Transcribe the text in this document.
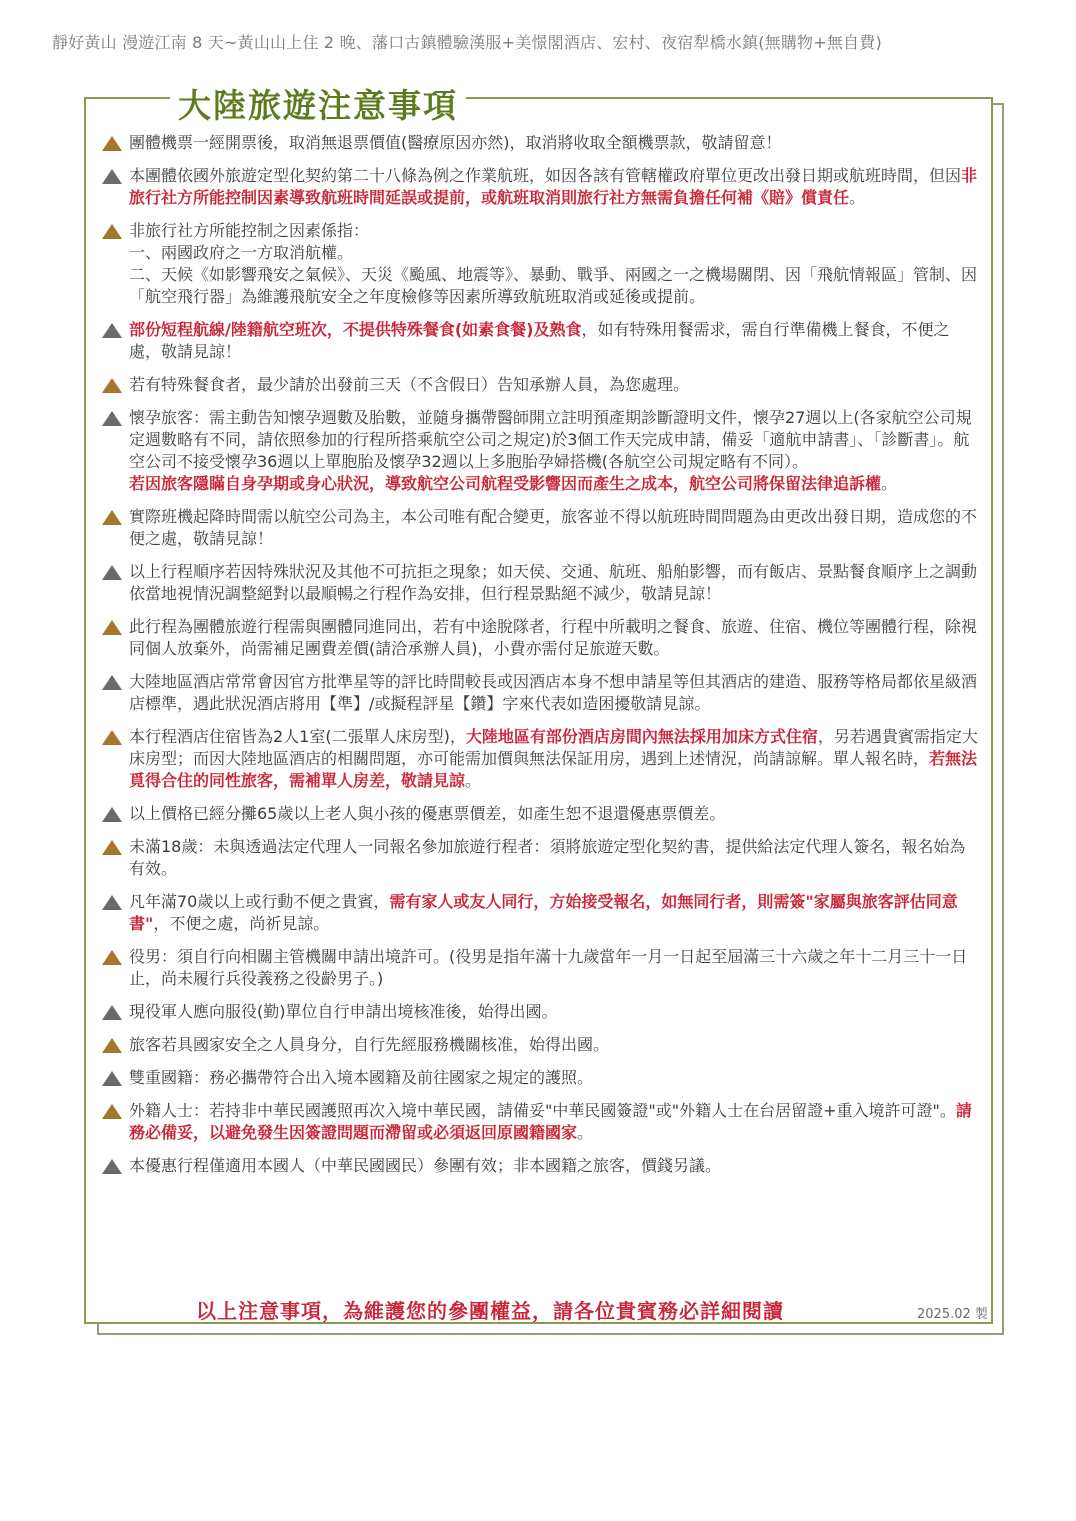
靜好黃山 漫遊江南 8 天~黃山山上住 2 晚、藩口古鎮體驗漢服+美憬閣酒店、宏村、夜宿犁橋水鎮(無購物+無自費)
大陸旅遊注意事項
團體機票一經開票後，取消無退票價值(醫療原因亦然)，取消將收取全額機票款，敬請留意！
本團體依國外旅遊定型化契約第二十八條為例之作業航班，如因各該有管轄權政府單位更改出發日期或航班時間，但因非旅行社方所能控制因素導致航班時間延誤或提前，或航班取消則旅行社方無需負擔任何補《賠》償責任。
非旅行社方所能控制之因素係指：
一、兩國政府之一方取消航權。
二、天候《如影響飛安之氣候》、天災《颱風、地震等》、暴動、戰爭、兩國之一之機場關閉、因「飛航情報區」管制、因「航空飛行器」為維護飛航安全之年度檢修等因素所導致航班取消或延後或提前。
部份短程航線/陸籍航空班次，不提供特殊餐食(如素食餐)及熟食，如有特殊用餐需求，需自行準備機上餐食，不便之處，敬請見諒！
若有特殊餐食者，最少請於出發前三天（不含假日）告知承辦人員，為您處理。
懷孕旅客：需主動告知懷孕週數及胎數，並隨身攜帶醫師開立註明預產期診斷證明文件，懷孕27週以上(各家航空公司規定週數略有不同，請依照參加的行程所搭乘航空公司之規定)於3個工作天完成申請，備妥「適航申請書」、「診斷書」。航空公司不接受懷孕36週以上單胞胎及懷孕32週以上多胞胎孕婦搭機(各航空公司規定略有不同）。
若因旅客隱瞞自身孕期或身心狀況，導致航空公司航程受影響因而產生之成本，航空公司將保留法律追訴權。
實際班機起降時間需以航空公司為主，本公司唯有配合變更，旅客並不得以航班時間問題為由更改出發日期，造成您的不便之處，敬請見諒！
以上行程順序若因特殊狀況及其他不可抗拒之現象；如天侯、交通、航班、船舶影響，而有飯店、景點餐食順序上之調動依當地視情況調整絕對以最順暢之行程作為安排，但行程景點絕不減少，敬請見諒！
此行程為團體旅遊行程需與團體同進同出，若有中途脫隊者，行程中所載明之餐食、旅遊、住宿、機位等團體行程，除視同個人放棄外，尚需補足團費差價(請洽承辦人員)，小費亦需付足旅遊天數。
大陸地區酒店常常會因官方批準星等的評比時間較長或因酒店本身不想申請星等但其酒店的建造、服務等格局都依星級酒店標準，遇此狀況酒店將用【準】/或擬程評星【鑽】字來代表如造困擾敬請見諒。
本行程酒店住宿皆為2人1室(二張單人床房型)，大陸地區有部份酒店房間內無法採用加床方式住宿，另若遇貴賓需指定大床房型；而因大陸地區酒店的相關問題，亦可能需加價與無法保証用房，遇到上述情況，尚請諒解。單人報名時，若無法覓得合住的同性旅客，需補單人房差，敬請見諒。
以上價格已經分攤65歲以上老人與小孩的優惠票價差，如產生恕不退還優惠票價差。
未滿18歲：未與透過法定代理人一同報名參加旅遊行程者：須將旅遊定型化契約書，提供給法定代理人簽名，報名始為有效。
凡年滿70歲以上或行動不便之貴賓，需有家人或友人同行，方始接受報名，如無同行者，則需簽"家屬與旅客評估同意書"，不便之處，尚祈見諒。
役男：須自行向相關主管機關申請出境許可。(役男是指年滿十九歲當年一月一日起至屆滿三十六歲之年十二月三十一日止，尚未履行兵役義務之役齡男子。)
現役軍人應向服役(勤)單位自行申請出境核准後，始得出國。
旅客若具國家安全之人員身分，自行先經服務機關核准，始得出國。
雙重國籍：務必攜帶符合出入境本國籍及前往國家之規定的護照。
外籍人士：若持非中華民國護照再次入境中華民國，請備妥"中華民國簽證"或"外籍人士在台居留證+重入境許可證"。請務必備妥，以避免發生因簽證問題而滯留或必須返回原國籍國家。
本優惠行程僅適用本國人（中華民國國民）參團有效；非本國籍之旅客，價錢另議。
以上注意事項，為維護您的參團權益，請各位貴賓務必詳細閱讀	2025.02 製
